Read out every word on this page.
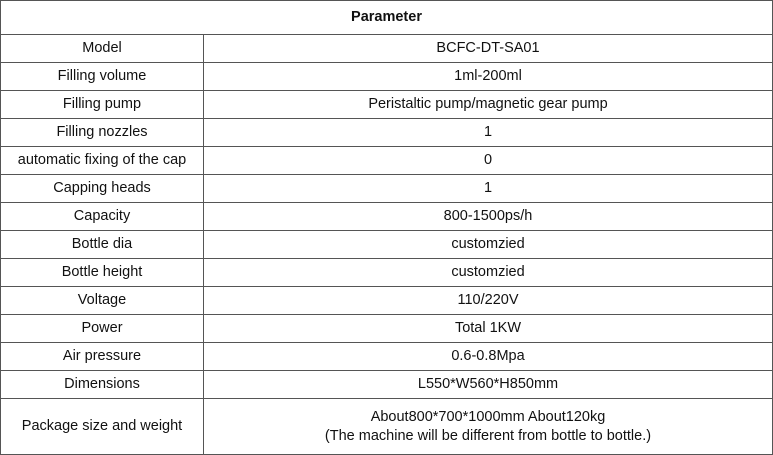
Parameter	
Model	BCFC-DT-SA01
Filling volume	1ml-200ml
Filling pump	Peristaltic pump/magnetic gear pump
Filling nozzles	1
automatic fixing of the cap	0
Capping heads	1
Capacity	800-1500ps/h
Bottle dia	customzied
Bottle height	customzied
Voltage	110/220V
Power	Total 1KW
Air pressure	0.6-0.8Mpa
Dimensions	L550*W560*H850mm
Package size and weight	About800*700*1000mm About120kg
(The machine will be different from bottle to bottle.)
